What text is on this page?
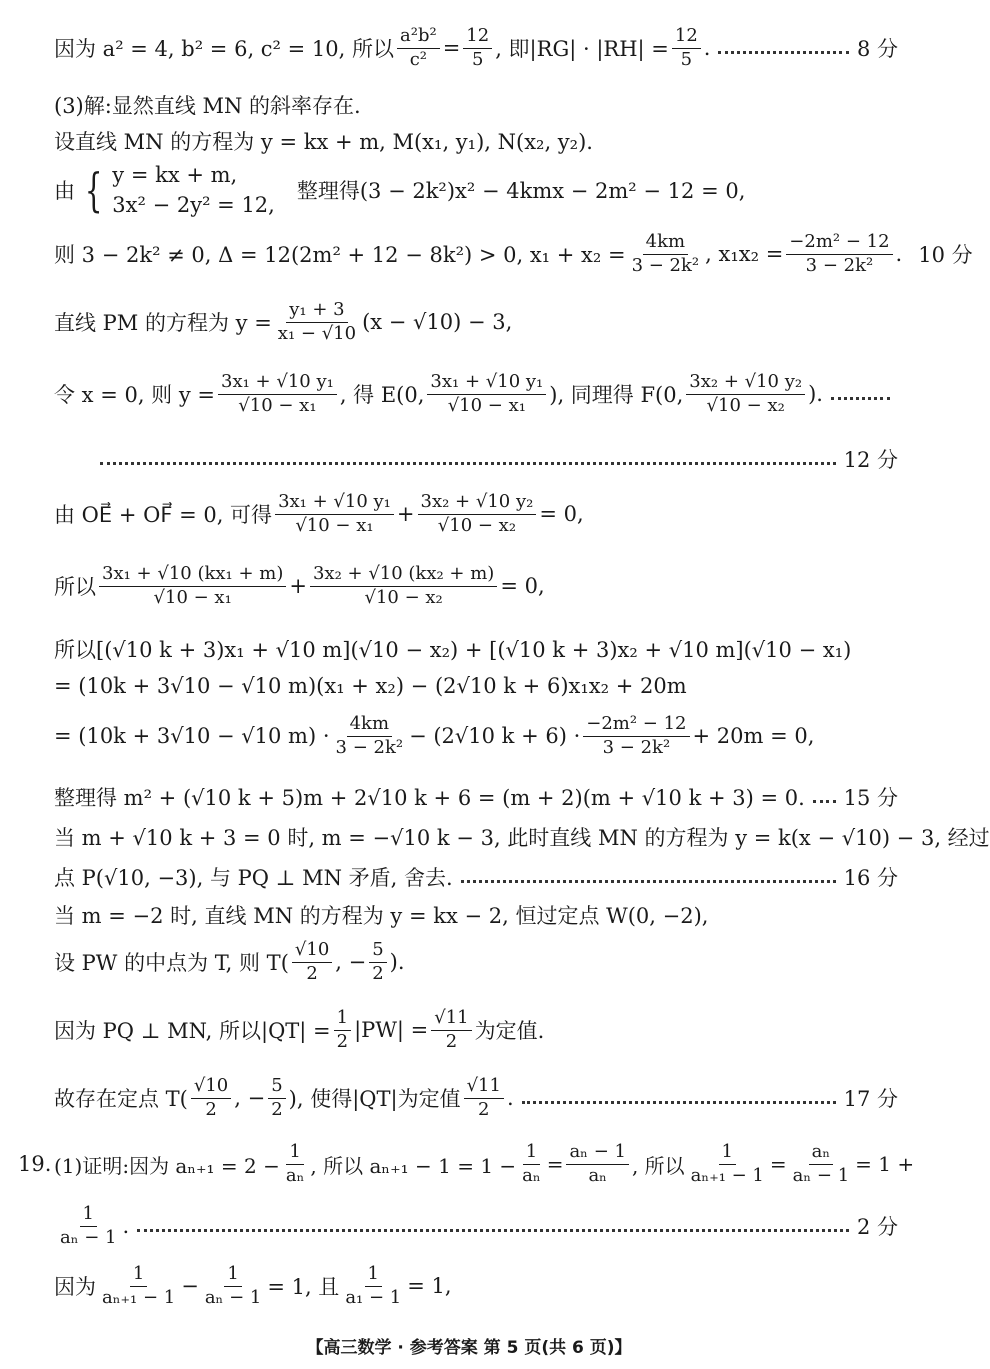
因为 a² = 4, b² = 6, c² = 10, 所以 $\frac{\text{a²b²}}{\text{c²}} = \frac{12}{5}$ , 即$|RG| \cdot |RH| = \frac{12}{5}$ .	8 分
(3)解:显然直线 MN 的斜率存在.
设直线 MN 的方程为 y = kx + m, M(x₁, y₁), N(x₂, y₂).
由 { y = kx + m,
3x² − 2y² = 12,
整理得(3 − 2k²)x² − 4kmx − 2m² − 12 = 0,
则 3 − 2k² ≠ 0, Δ = 12(2m² + 12 − 8k²) > 0, $x_1 + x_2 = \frac{4km}{\text{3 − 2k²}}$ , $x_1x_2 = \frac{\text{−2m² − 12}}{\text{3 − 2k²}}$ . 10 分
直线 PM 的方程为 $y = \frac{\text{y₁ + 3}}{\text{x₁ − √10}} (x - √10) - 3$,
令 x = 0, 则 $y = \frac{\text{3x₁ + √10 y₁}}{\text{√10 − x₁}}$ , 得 E(0, $\frac{\text{3x₁ + √10 y₁}}{\text{√10 − x₁}}$ ), 同理得 F(0, $\frac{\text{3x₂ + √10 y₂}}{\text{√10 − x₂}}$ ).
12 分
由 OE⃗ + OF⃗ = 0, 可得 $\frac{\text{3x₁ + √10 y₁}}{\text{√10 − x₁}} + \frac{\text{3x₂ + √10 y₂}}{\text{√10 − x₂}} = 0$,
所以 $\frac{\text{3x₁ + √10 (kx₁ + m)}}{\text{√10 − x₁}} + \frac{\text{3x₂ + √10 (kx₂ + m)}}{\text{√10 − x₂}} = 0$,
所以[(√10 k + 3)x₁ + √10 m](√10 − x₂) + [(√10 k + 3)x₂ + √10 m](√10 − x₁)
= (10k + 3√10 − √10 m)(x₁ + x₂) − (2√10 k + 6)x₁x₂ + 20m
= (10k + 3√10 − √10 $m) \cdot \frac{4km}{\text{3 − 2k²}} - (2√10$ $k + 6) \cdot \frac{\text{−2m² − 12}}{\text{3 − 2k²}} + 20m = 0$,
整理得 m² + (√10 k + 5)m + 2√10 k + 6 = (m + 2)(m + √10 k + 3) = 0. 15 分
当 m + √10 k + 3 = 0 时, m = −√10 k − 3, 此时直线 MN 的方程为 y = k(x − √10) − 3, 经过
点 P(√10, −3), 与 PQ ⊥ MN 矛盾, 舍去.	16 分
当 m = −2 时, 直线 MN 的方程为 y = kx − 2, 恒过定点 W(0, −2),
设 PW 的中点为 T, 则 $T( \frac{√10}{2}$ , − $\frac{5}{2}$ ).
因为 PQ ⊥ MN, 所以$|QT| = \frac{1}{2} |PW| = \frac{√11}{2}$ 为定值.
故存在定点 $T( \frac{√10}{2}$ , − $\frac{5}{2}$ ), 使得|QT|为定值 $\frac{√11}{2}$ .	17 分
19. (1)证明:因为 $a_{n+1} = 2 - \frac{1}{\text{aₙ}}$ , 所以 $a_{n+1} - 1 = 1 - \frac{1}{\text{aₙ}} = \frac{\text{aₙ − 1}}{\text{aₙ}}$ , 所以 $\frac{1}{\text{aₙ₊₁ − 1}} = \frac{\text{aₙ}}{\text{aₙ − 1}} = 1$ +
$\frac{1}{\text{aₙ − 1}}$ .	2 分
因为 $\frac{1}{\text{aₙ₊₁ − 1}} - \frac{1}{\text{aₙ − 1}} = 1$, 且 $\frac{1}{\text{a₁ − 1}} = 1$,
【高三数学 · 参考答案 第 5 页(共 6 页)】
